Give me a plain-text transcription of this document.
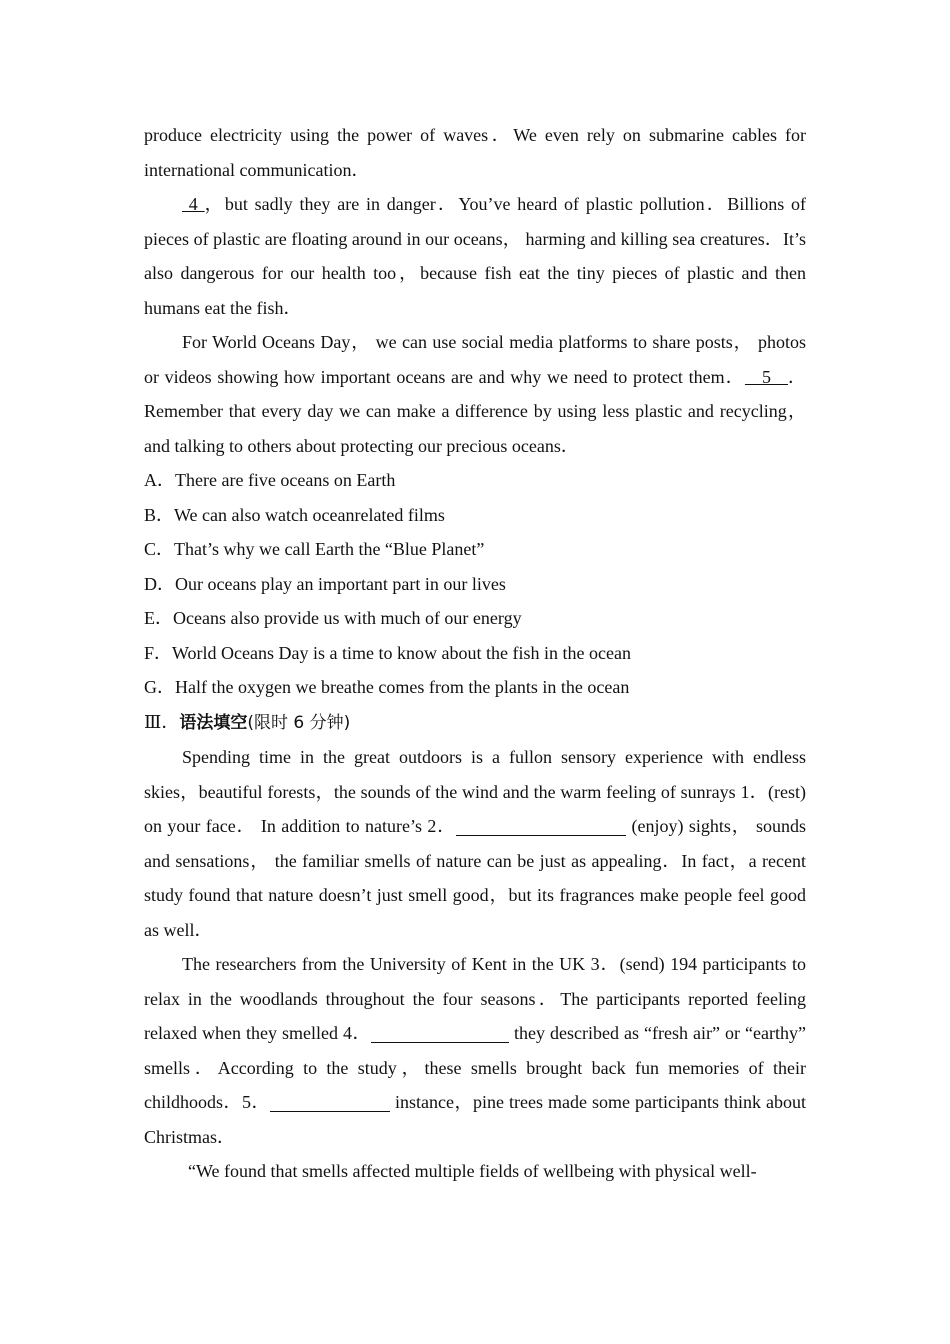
produce electricity using the power of waves．We even rely on submarine cables for international communication．

4 ，but sadly they are in danger．You’ve heard of plastic pollution．Billions of pieces of plastic are floating around in our oceans， harming and killing sea creatures．It’s also dangerous for our health too，because fish eat the tiny pieces of plastic and then humans eat the fish．

For World Oceans Day， we can use social media platforms to share posts， photos or videos showing how important oceans are and why we need to protect them．   5   ．Remember that every day we can make a difference by using less plastic and recycling， and talking to others about protecting our precious oceans．

A．There are five oceans on Earth

B．We can also watch oceanrelated films

C．That’s why we call Earth the “Blue Planet”

D．Our oceans play an important part in our lives

E．Oceans also provide us with much of our energy

F．World Oceans Day is a time to know about the fish in the ocean

G．Half the oxygen we breathe comes from the plants in the ocean

Ⅲ．语法填空(限时 6 分钟)

Spending time in the great outdoors is a fullon sensory experience with endless skies，beautiful forests，the sounds of the wind and the warm feeling of sunrays 1．(rest) on your face． In addition to nature’s 2．	(enjoy) sights， sounds and sensations， the familiar smells of nature can be just as appealing．In fact，a recent study found that nature doesn’t just smell good，but its fragrances make people feel good as well．

The researchers from the University of Kent in the UK 3．(send) 194 participants to relax in the woodlands throughout the four seasons．The participants reported feeling relaxed when they smelled 4．	they described as “fresh air” or “earthy” smells．According to the study，these smells brought back fun memories of their childhoods．5．	instance，pine trees made some participants think about Christmas．

“We found that smells affected multiple fields of wellbeing with physical well-
